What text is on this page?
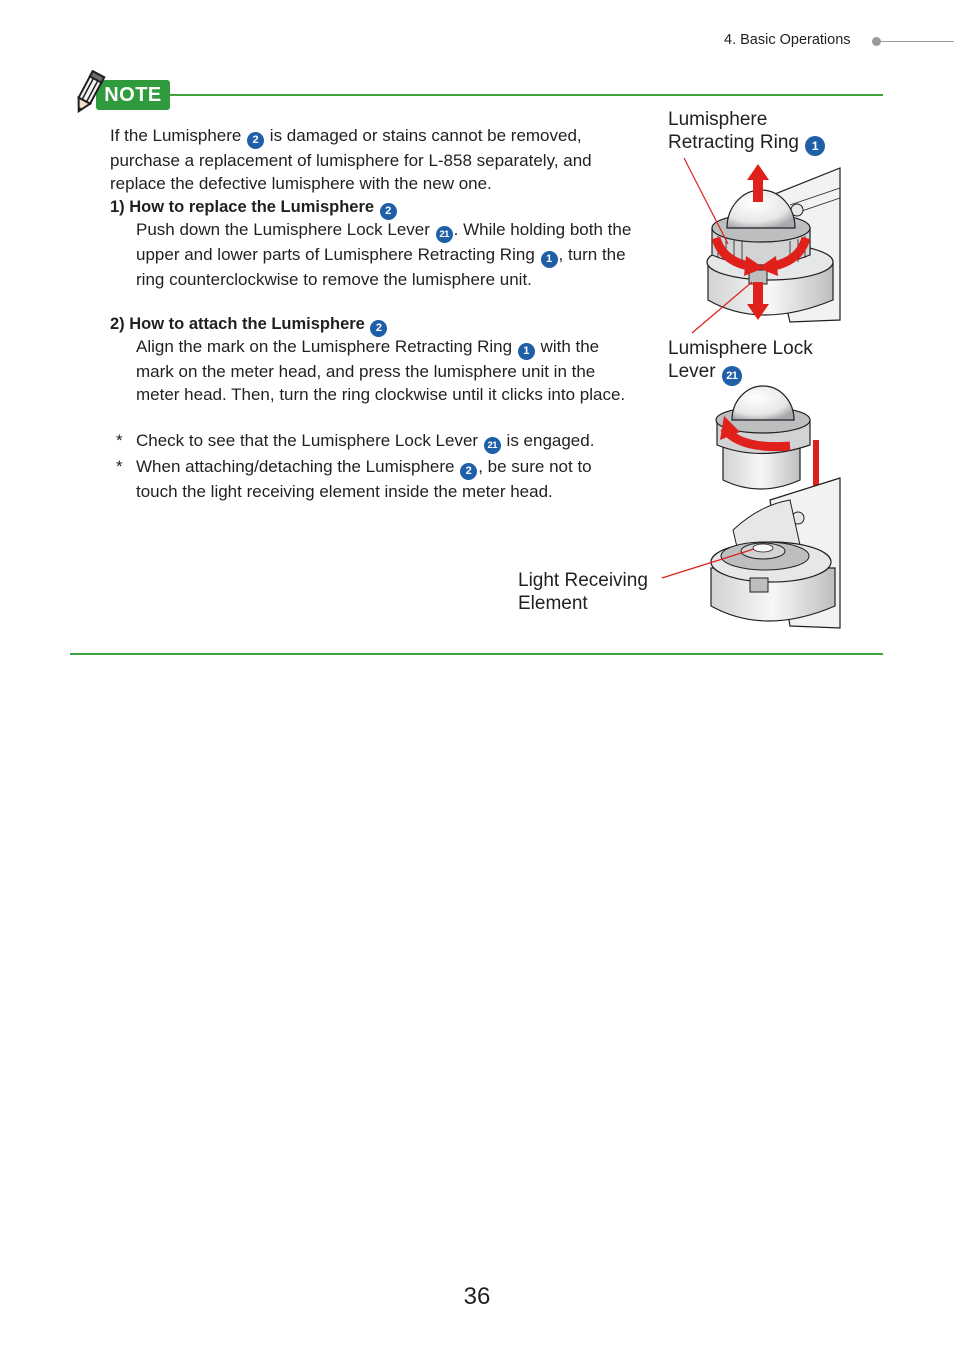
4. Basic Operations
NOTE
If the Lumisphere 2 is damaged or stains cannot be removed, purchase a replacement of lumisphere for L-858 separately, and replace the defective lumisphere with the new one.
1) How to replace the Lumisphere 2
Push down the Lumisphere Lock Lever 21 . While holding both the upper and lower parts of Lumisphere Retracting Ring 1 , turn the ring counterclockwise to remove the lumisphere unit.
2) How to attach the Lumisphere 2
Align the mark on the Lumisphere Retracting Ring 1 with the mark on the meter head, and press the lumisphere unit in the meter head. Then, turn the ring clockwise until it clicks into place.
* Check to see that the Lumisphere Lock Lever 21 is engaged.
* When attaching/detaching the Lumisphere 2 , be sure not to touch the light receiving element inside the meter head.
Lumisphere Retracting Ring 1
Lumisphere Lock Lever 21
Light Receiving Element
36
